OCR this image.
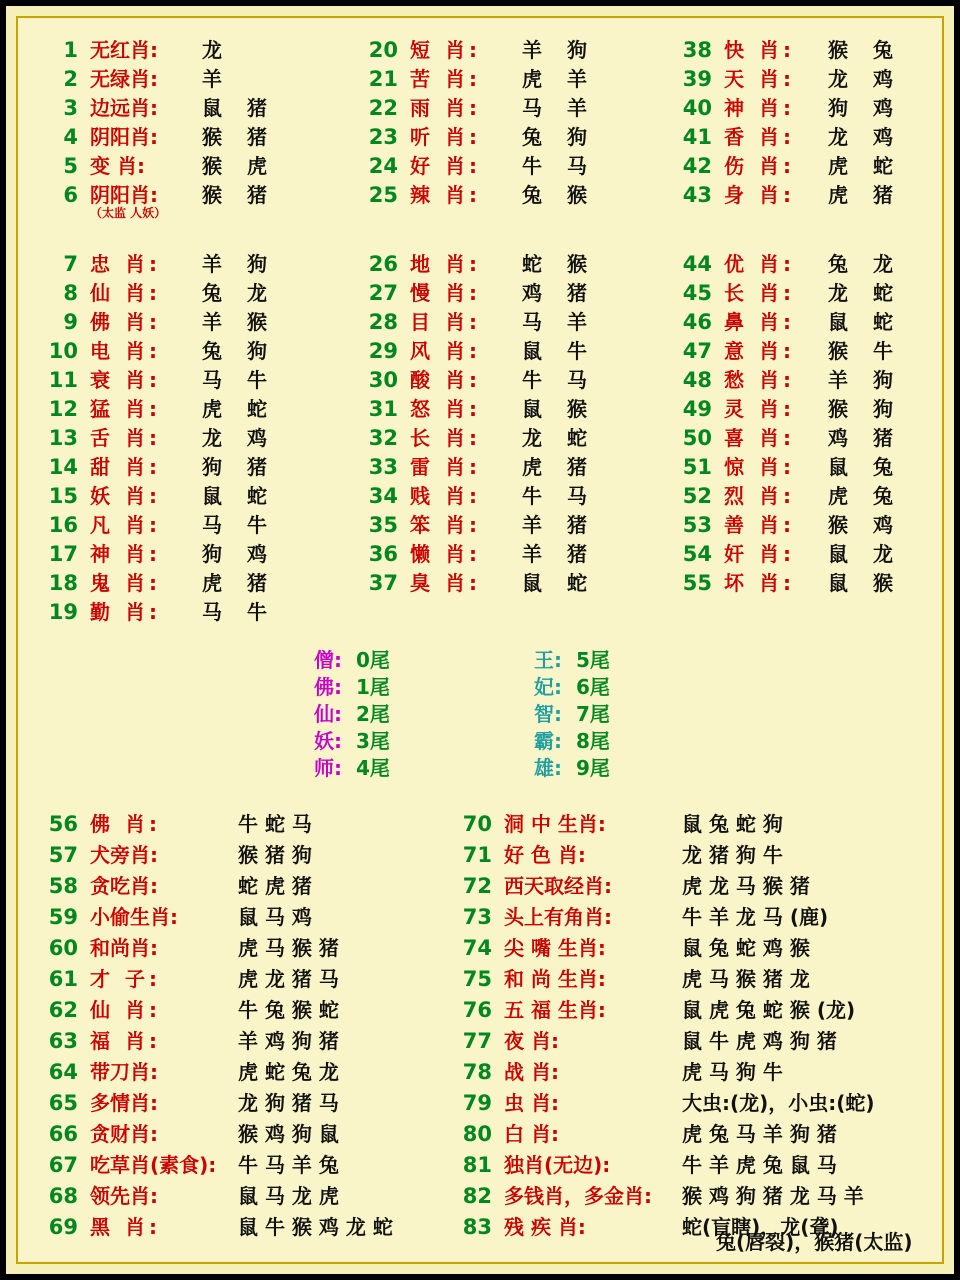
1 无红肖:	龙
2 无绿肖:	羊
3 边远肖:	鼠 猪
4 阴阳肖:	猴 猪
5 变 肖:	猴 虎
6 阴阳肖:	猴 猪
（太监 人妖）
7 忠 肖:	羊 狗
8 仙 肖:	兔 龙
9 佛 肖:	羊 猴
10 电 肖:	兔 狗
11 衰 肖:	马 牛
12 猛 肖:	虎 蛇
13 舌 肖:	龙 鸡
14 甜 肖:	狗 猪
15 妖 肖:	鼠 蛇
16 凡 肖:	马 牛
17 神 肖:	狗 鸡
18 鬼 肖:	虎 猪
19 勤 肖:	马 牛
20 短 肖:	羊 狗
21 苦 肖:	虎 羊
22 雨 肖:	马 羊
23 听 肖:	兔 狗
24 好 肖:	牛 马
25 辣 肖:	兔 猴
26 地 肖:	蛇 猴
27 慢 肖:	鸡 猪
28 目 肖:	马 羊
29 风 肖:	鼠 牛
30 酸 肖:	牛 马
31 怒 肖:	鼠 猴
32 长 肖:	龙 蛇
33 雷 肖:	虎 猪
34 贱 肖:	牛 马
35 笨 肖:	羊 猪
36 懒 肖:	羊 猪
37 臭 肖:	鼠 蛇
38 快 肖:	猴 兔
39 天 肖:	龙 鸡
40 神 肖:	狗 鸡
41 香 肖:	龙 鸡
42 伤 肖:	虎 蛇
43 身 肖:	虎 猪
44 优 肖:	兔 龙
45 长 肖:	龙 蛇
46 鼻 肖:	鼠 蛇
47 意 肖:	猴 牛
48 愁 肖:	羊 狗
49 灵 肖:	猴 狗
50 喜 肖:	鸡 猪
51 惊 肖:	鼠 兔
52 烈 肖:	虎 兔
53 善 肖:	猴 鸡
54 奸 肖:	鼠 龙
55 坏 肖:	鼠 猴
僧: 0 尾	王: 5 尾
佛: 1 尾	妃: 6 尾
仙: 2 尾	智: 7 尾
妖: 3 尾	霸: 8 尾
师: 4 尾	雄: 9 尾
56 佛 肖:	牛 蛇 马
57 犬旁肖:	猴 猪 狗
58 贪吃肖:	蛇 虎 猪
59 小偷生肖:	鼠 马 鸡
60 和尚肖:	虎 马 猴 猪
61 才 子:	虎 龙 猪 马
62 仙 肖:	牛 兔 猴 蛇
63 福 肖:	羊 鸡 狗 猪
64 带刀肖:	虎 蛇 兔 龙
65 多情肖:	龙 狗 猪 马
66 贪财肖:	猴 鸡 狗 鼠
67 吃草肖(素食):	牛 马 羊 兔
68 领先肖:	鼠 马 龙 虎
69 黑 肖:	鼠 牛 猴 鸡 龙 蛇
70 洞 中 生肖:	鼠 兔 蛇 狗
71 好 色 肖:	龙 猪 狗 牛
72 西天取经肖:	虎 龙 马 猴 猪
73 头上有角肖:	牛 羊 龙 马 (鹿)
74 尖 嘴 生肖:	鼠 兔 蛇 鸡 猴
75 和 尚 生肖:	虎 马 猴 猪 龙
76 五 福 生肖:	鼠 虎 兔 蛇 猴 (龙)
77 夜 肖:	鼠 牛 虎 鸡 狗 猪
78 战 肖:	虎 马 狗 牛
79 虫 肖:	大虫:(龙)，小虫:(蛇)
80 白 肖:	虎 兔 马 羊 狗 猪
81 独肖(无边):	牛 羊 虎 兔 鼠 马
82 多钱肖，多金肖:	猴 鸡 狗 猪 龙 马 羊
83 残 疾 肖:	蛇(盲瞎)，龙(聋)
兔(唇裂)，猴猪(太监)
